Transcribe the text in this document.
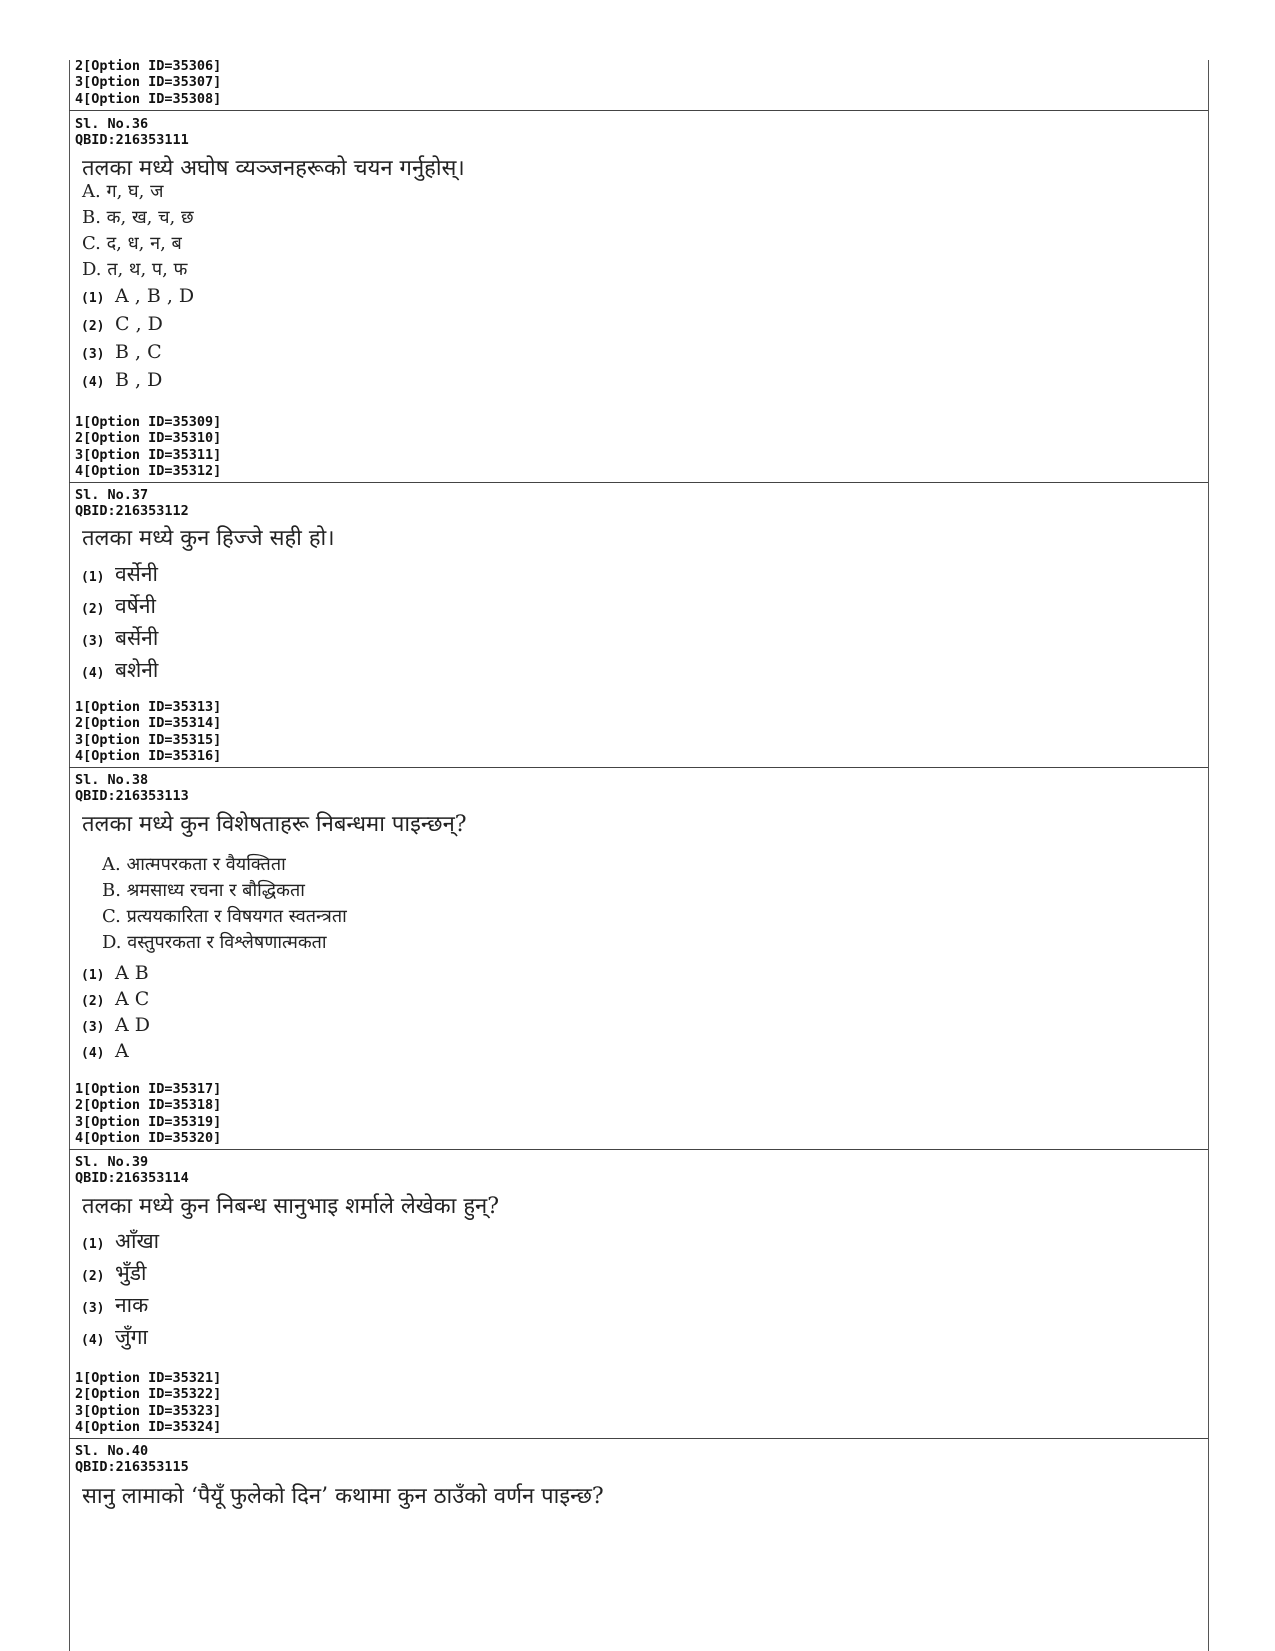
2[Option ID=35306]
3[Option ID=35307]
4[Option ID=35308]
Sl. No.36
QBID:216353111
तलका मध्ये अघोष व्यञ्जनहरूको चयन गर्नुहोस्।
A. ग, घ, ज
B. क, ख, च, छ
C. द, ध, न, ब
D. त, थ, प, फ
(1) A , B , D
(2) C , D
(3) B , C
(4) B , D
1[Option ID=35309]
2[Option ID=35310]
3[Option ID=35311]
4[Option ID=35312]
Sl. No.37
QBID:216353112
तलका मध्ये कुन हिज्जे सही हो।
(1) वर्सेनी
(2) वर्षेनी
(3) बर्सेनी
(4) बशेनी
1[Option ID=35313]
2[Option ID=35314]
3[Option ID=35315]
4[Option ID=35316]
Sl. No.38
QBID:216353113
तलका मध्ये कुन विशेषताहरू निबन्धमा पाइन्छन्?
A. आत्मपरकता र वैयक्तिता
B. श्रमसाध्य रचना र बौद्धिकता
C. प्रत्ययकारिता र विषयगत स्वतन्त्रता
D. वस्तुपरकता र विश्लेषणात्मकता
(1) A B
(2) A C
(3) A D
(4) A
1[Option ID=35317]
2[Option ID=35318]
3[Option ID=35319]
4[Option ID=35320]
Sl. No.39
QBID:216353114
तलका मध्ये कुन निबन्ध सानुभाइ शर्माले लेखेका हुन्?
(1) आँखा
(2) भुँडी
(3) नाक
(4) जुँगा
1[Option ID=35321]
2[Option ID=35322]
3[Option ID=35323]
4[Option ID=35324]
Sl. No.40
QBID:216353115
सानु लामाको ‘पैयूँ फुलेको दिन’ कथामा कुन ठाउँको वर्णन पाइन्छ?
